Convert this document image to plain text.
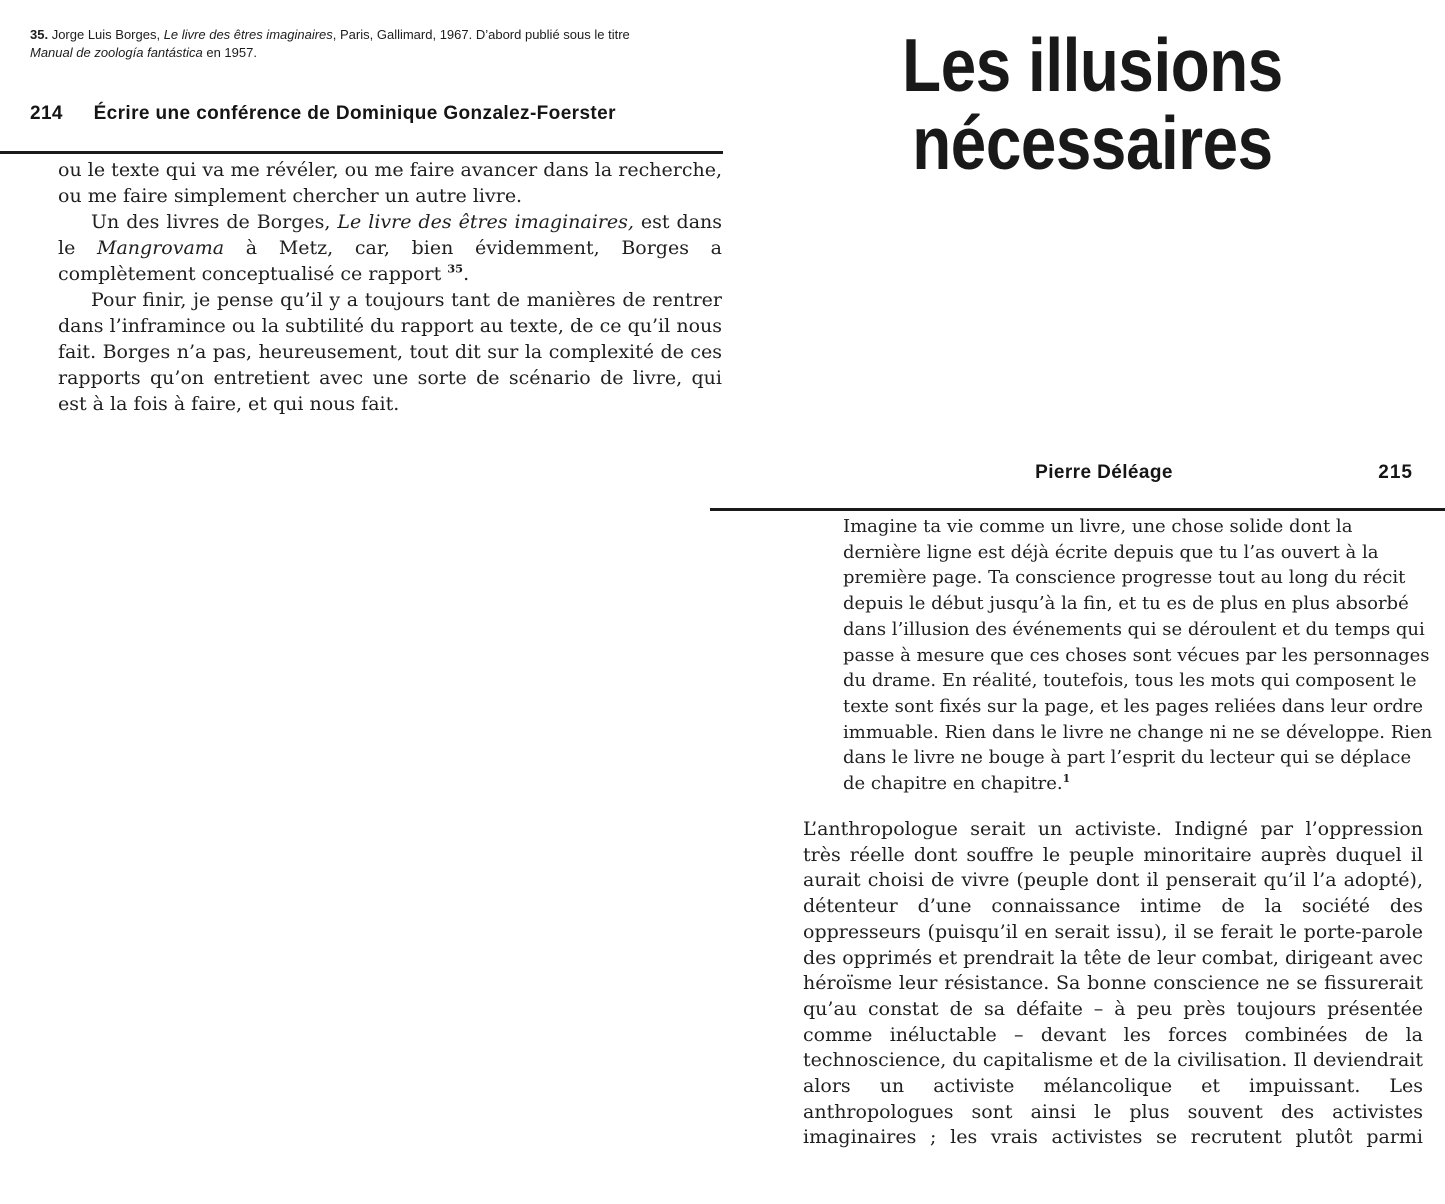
35. Jorge Luis Borges, Le livre des êtres imaginaires, Paris, Gallimard, 1967. D’abord publié sous le titre Manual de zoología fantástica en 1957.

214 Écrire une conférence de Dominique Gonzalez-Foerster

ou le texte qui va me révéler, ou me faire avancer dans la recherche, ou me faire simplement chercher un autre livre.

Un des livres de Borges, Le livre des êtres imaginaires, est dans le Mangrovama à Metz, car, bien évidemment, Borges a complètement conceptualisé ce rapport $^{35}$.

Pour finir, je pense qu’il y a toujours tant de manières de rentrer dans l’inframince ou la subtilité du rapport au texte, de ce qu’il nous fait. Borges n’a pas, heureusement, tout dit sur la complexité de ces rapports qu’on entretient avec une sorte de scénario de livre, qui est à la fois à faire, et qui nous fait.

Les illusions
nécessaires
Pierre Déléage	215
Imagine ta vie comme un livre, une chose solide dont la dernière ligne est déjà écrite depuis que tu l’as ouvert à la première page. Ta conscience progresse tout au long du récit depuis le début jusqu’à la fin, et tu es de plus en plus absorbé dans l’illusion des événements qui se déroulent et du temps qui passe à mesure que ces choses sont vécues par les personnages du drame. En réalité, toutefois, tous les mots qui composent le texte sont fixés sur la page, et les pages reliées dans leur ordre immuable. Rien dans le livre ne change ni ne se développe. Rien dans le livre ne bouge à part l’esprit du lecteur qui se déplace de chapitre en chapitre.$^1$

L’anthropologue serait un activiste. Indigné par l’oppression très réelle dont souffre le peuple minoritaire auprès duquel il aurait choisi de vivre (peuple dont il penserait qu’il l’a adopté), détenteur d’une connaissance intime de la société des oppresseurs (puisqu’il en serait issu), il se ferait le porte-parole des opprimés et prendrait la tête de leur combat, dirigeant avec héroïsme leur résistance. Sa bonne conscience ne se fissurerait qu’au constat de sa défaite – à peu près toujours présentée comme inéluctable – devant les forces combinées de la technoscience, du capitalisme et de la civilisation. Il deviendrait alors un activiste mélancolique et impuissant. Les anthropologues sont ainsi le plus souvent des activistes imaginaires ; les vrais activistes se recrutent plutôt parmi
